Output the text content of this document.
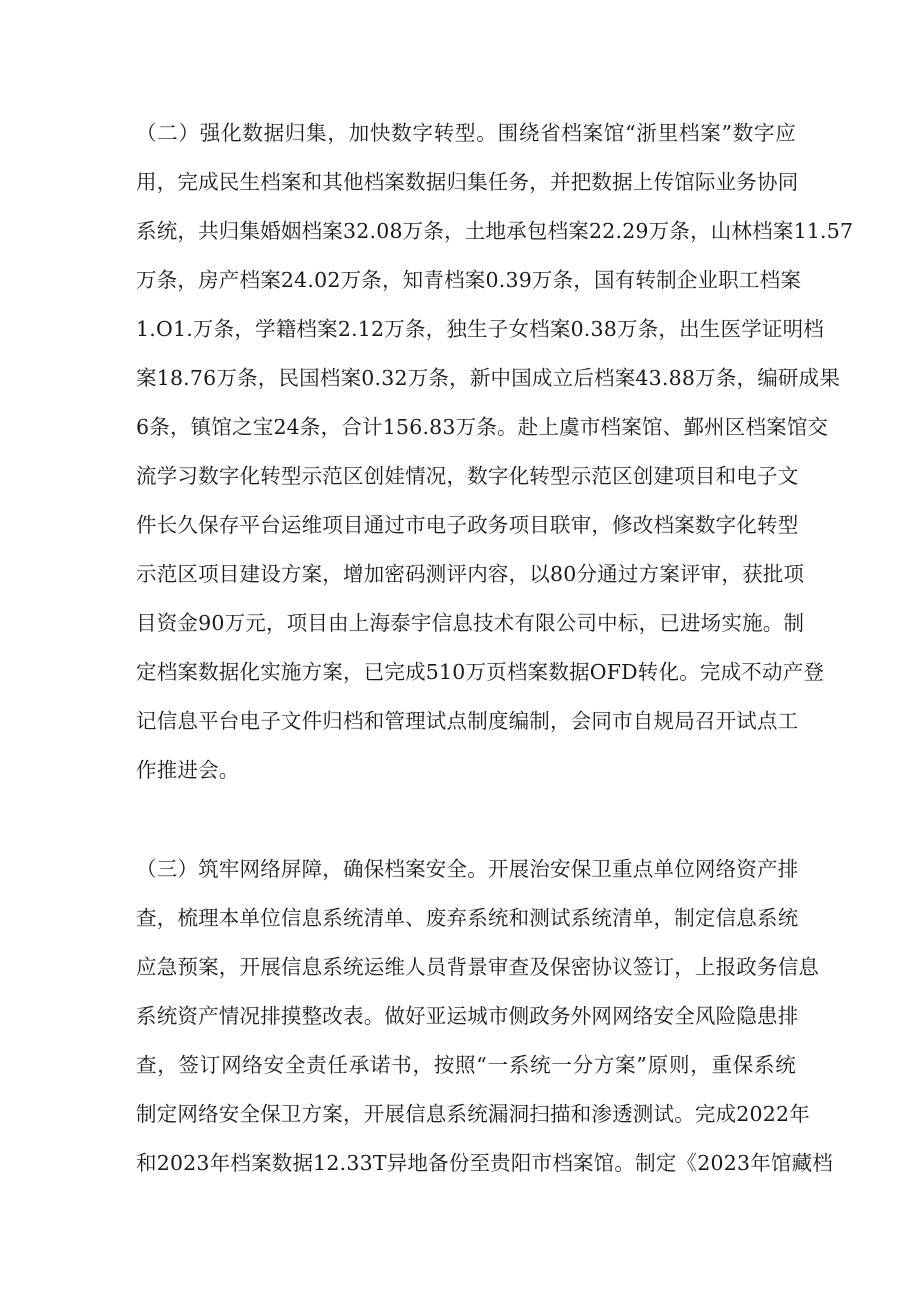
（二）强化数据归集，加快数字转型。围绕省档案馆“浙里档案”数字应
用，完成民生档案和其他档案数据归集任务，并把数据上传馆际业务协同
系统，共归集婚姻档案32.08万条，土地承包档案22.29万条，山林档案11.57
万条，房产档案24.02万条，知青档案0.39万条，国有转制企业职工档案
1.O1.万条，学籍档案2.12万条，独生子女档案0.38万条，出生医学证明档
案18.76万条，民国档案0.32万条，新中国成立后档案43.88万条，编研成果
6条，镇馆之宝24条，合计156.83万条。赴上虞市档案馆、鄞州区档案馆交
流学习数字化转型示范区创娃情况，数字化转型示范区创建项目和电子文
件长久保存平台运维项目通过市电子政务项目联审，修改档案数字化转型
示范区项目建设方案，增加密码测评内容，以80分通过方案评审，获批项
目资金90万元，项目由上海泰宇信息技术有限公司中标，已进场实施。制
定档案数据化实施方案，已完成510万页档案数据OFD转化。完成不动产登
记信息平台电子文件归档和管理试点制度编制，会同市自规局召开试点工
作推进会。
（三）筑牢网络屏障，确保档案安全。开展治安保卫重点单位网络资产排
查，梳理本单位信息系统清单、废弃系统和测试系统清单，制定信息系统
应急预案，开展信息系统运维人员背景审查及保密协议签订，上报政务信息
系统资产情况排摸整改表。做好亚运城市侧政务外网网络安全风险隐患排
查，签订网络安全责任承诺书，按照“一系统一分方案”原则，重保系统
制定网络安全保卫方案，开展信息系统漏洞扫描和渗透测试。完成2022年
和2023年档案数据12.33T异地备份至贵阳市档案馆。制定《2023年馆藏档
